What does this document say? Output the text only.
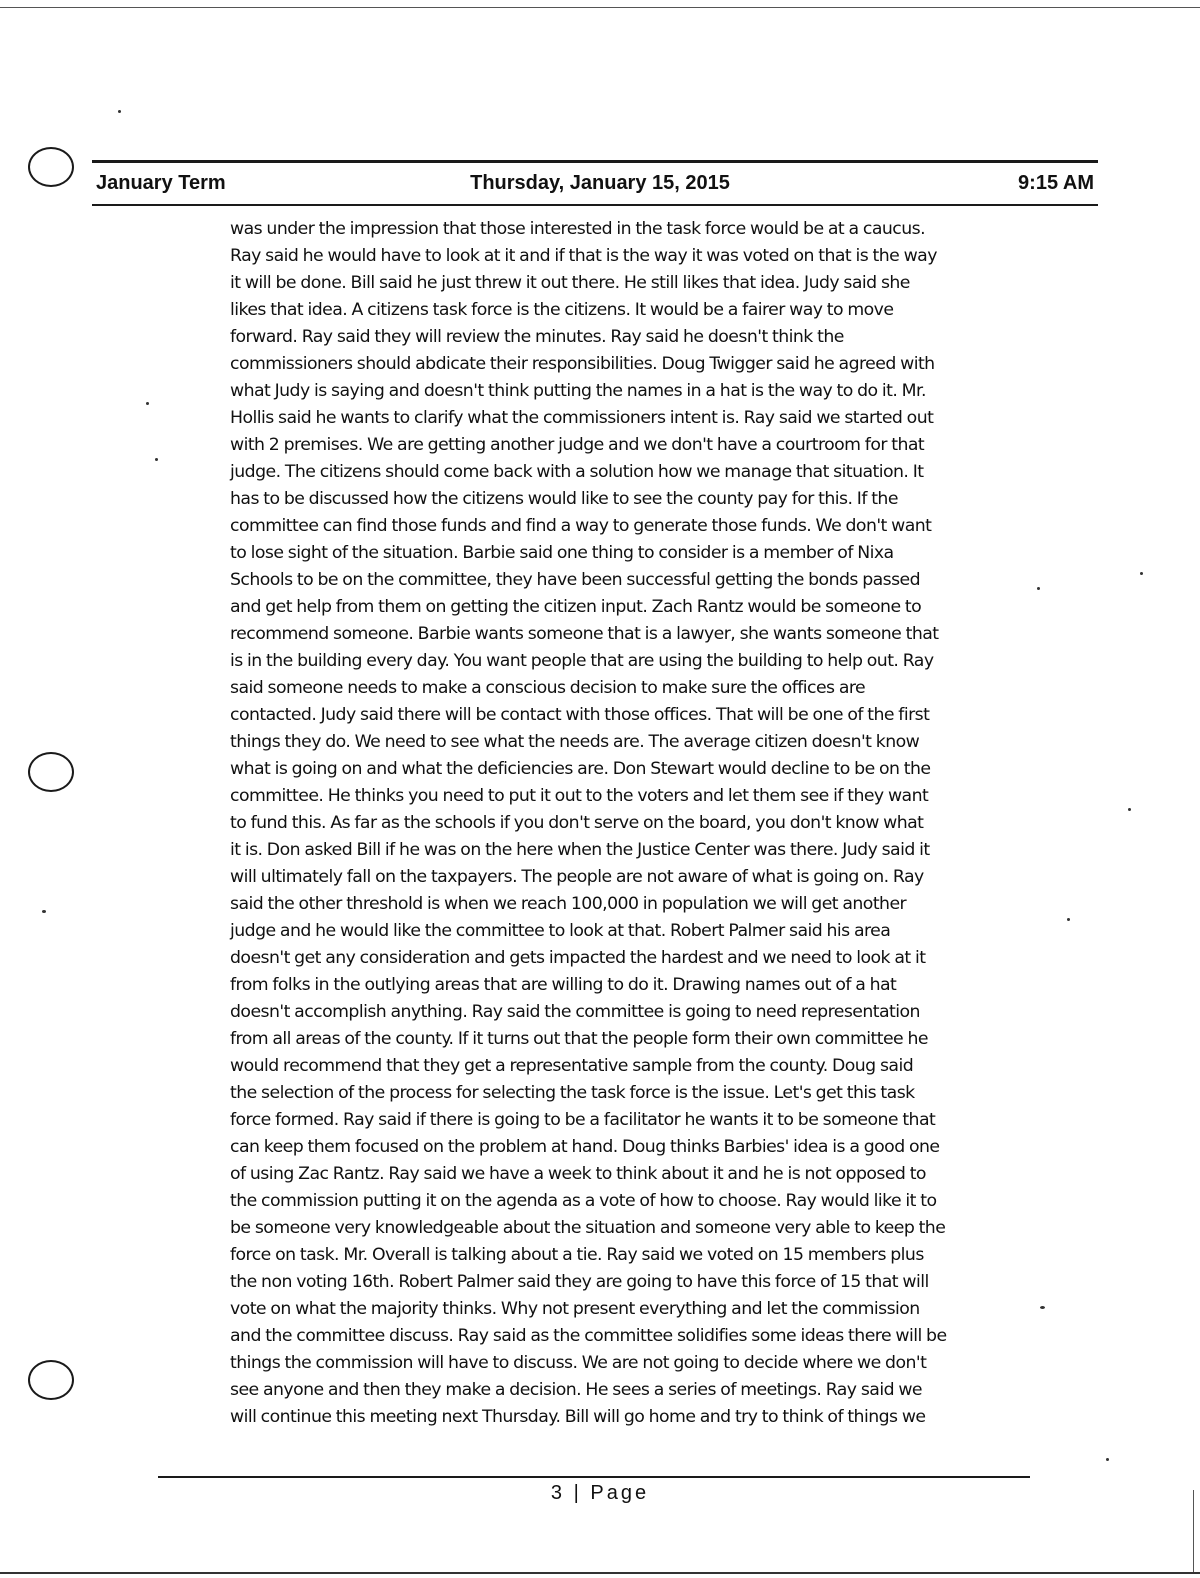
January Term	Thursday, January 15, 2015	9:15 AM
was under the impression that those interested in the task force would be at a caucus.
Ray said he would have to look at it and if that is the way it was voted on that is the way
it will be done. Bill said he just threw it out there. He still likes that idea. Judy said she
likes that idea. A citizens task force is the citizens. It would be a fairer way to move
forward. Ray said they will review the minutes. Ray said he doesn't think the
commissioners should abdicate their responsibilities. Doug Twigger said he agreed with
what Judy is saying and doesn't think putting the names in a hat is the way to do it. Mr.
Hollis said he wants to clarify what the commissioners intent is. Ray said we started out
with 2 premises. We are getting another judge and we don't have a courtroom for that
judge. The citizens should come back with a solution how we manage that situation. It
has to be discussed how the citizens would like to see the county pay for this. If the
committee can find those funds and find a way to generate those funds. We don't want
to lose sight of the situation. Barbie said one thing to consider is a member of Nixa
Schools to be on the committee, they have been successful getting the bonds passed
and get help from them on getting the citizen input. Zach Rantz would be someone to
recommend someone. Barbie wants someone that is a lawyer, she wants someone that
is in the building every day. You want people that are using the building to help out. Ray
said someone needs to make a conscious decision to make sure the offices are
contacted. Judy said there will be contact with those offices. That will be one of the first
things they do. We need to see what the needs are. The average citizen doesn't know
what is going on and what the deficiencies are. Don Stewart would decline to be on the
committee. He thinks you need to put it out to the voters and let them see if they want
to fund this. As far as the schools if you don't serve on the board, you don't know what
it is. Don asked Bill if he was on the here when the Justice Center was there. Judy said it
will ultimately fall on the taxpayers. The people are not aware of what is going on. Ray
said the other threshold is when we reach 100,000 in population we will get another
judge and he would like the committee to look at that. Robert Palmer said his area
doesn't get any consideration and gets impacted the hardest and we need to look at it
from folks in the outlying areas that are willing to do it. Drawing names out of a hat
doesn't accomplish anything. Ray said the committee is going to need representation
from all areas of the county. If it turns out that the people form their own committee he
would recommend that they get a representative sample from the county. Doug said
the selection of the process for selecting the task force is the issue. Let's get this task
force formed. Ray said if there is going to be a facilitator he wants it to be someone that
can keep them focused on the problem at hand. Doug thinks Barbies' idea is a good one
of using Zac Rantz. Ray said we have a week to think about it and he is not opposed to
the commission putting it on the agenda as a vote of how to choose. Ray would like it to
be someone very knowledgeable about the situation and someone very able to keep the
force on task. Mr. Overall is talking about a tie. Ray said we voted on 15 members plus
the non voting 16th. Robert Palmer said they are going to have this force of 15 that will
vote on what the majority thinks. Why not present everything and let the commission
and the committee discuss. Ray said as the committee solidifies some ideas there will be
things the commission will have to discuss. We are not going to decide where we don't
see anyone and then they make a decision. He sees a series of meetings. Ray said we
will continue this meeting next Thursday. Bill will go home and try to think of things we
3 | Page
